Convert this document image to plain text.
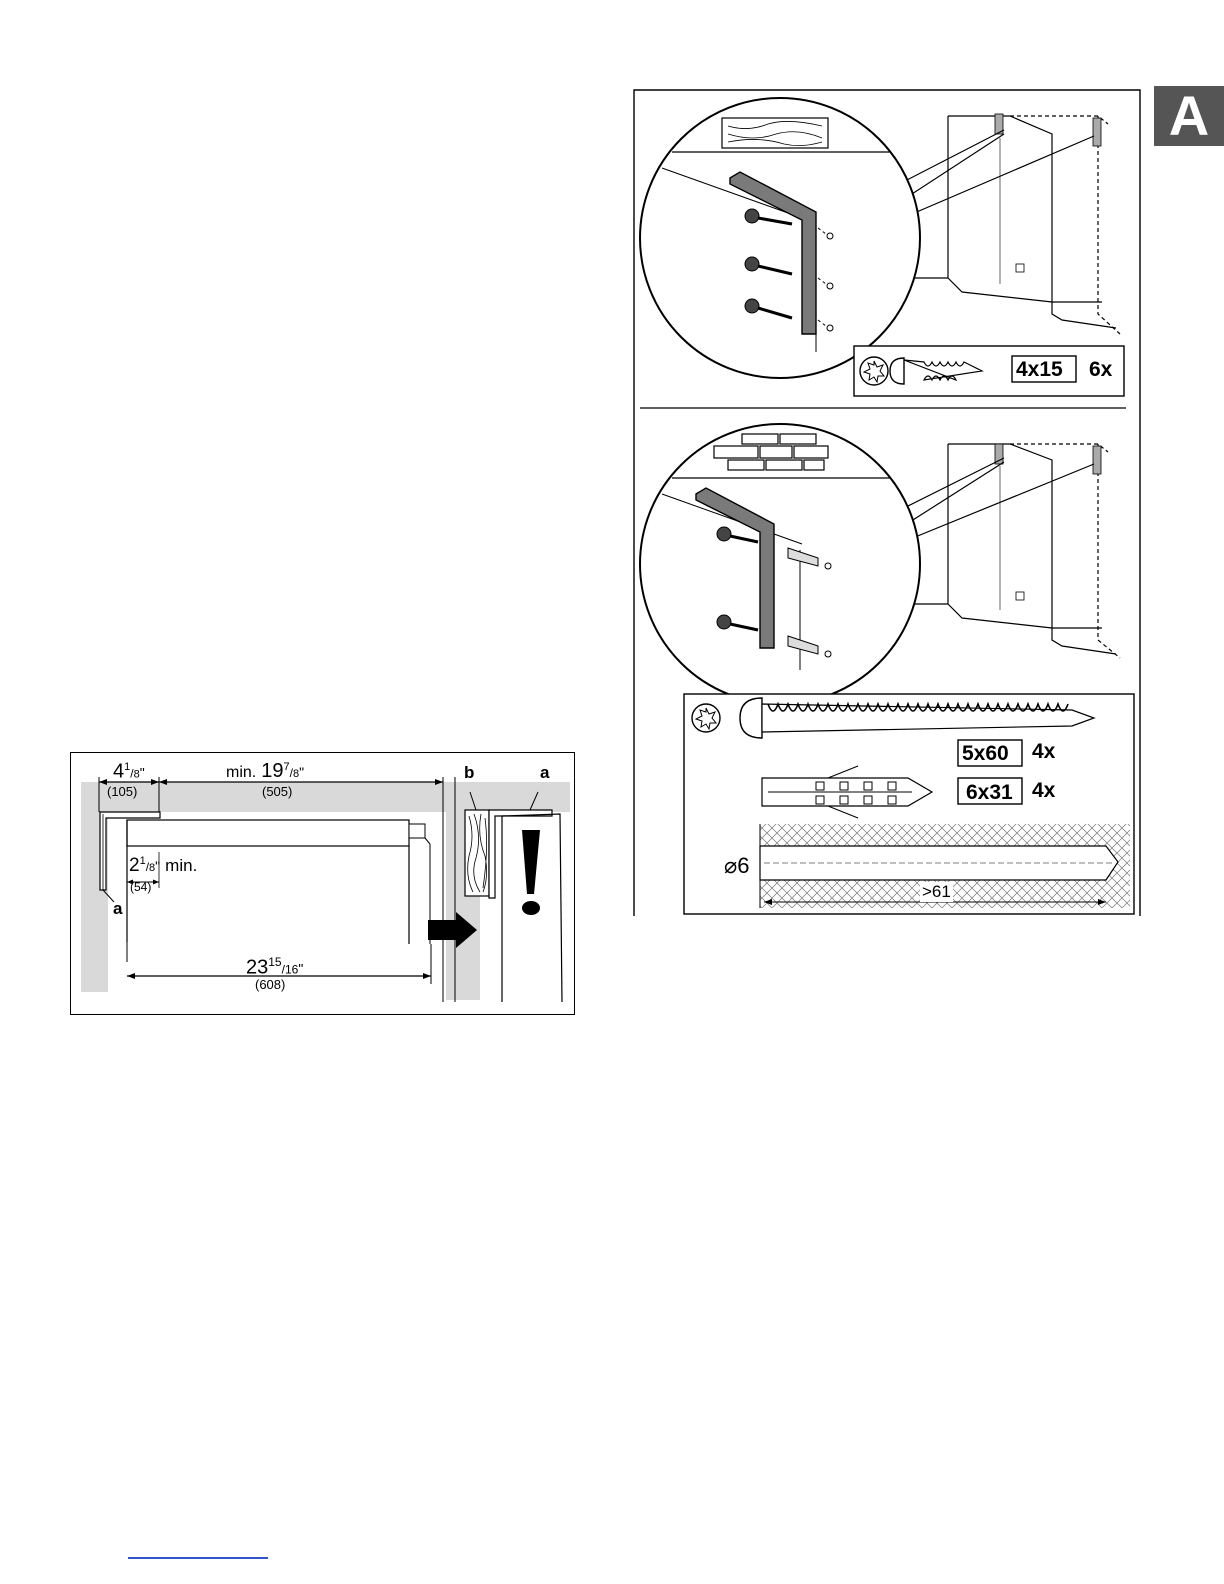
A
$4^1/8$"
(105)
min. $19^7/8$"
(505)
$2^1/8$" min.
(54)
$23^{15}/16$"
(608)
a
b	a
4x15 6x
5x60 4x
6x31 4x
⌀6
>61
